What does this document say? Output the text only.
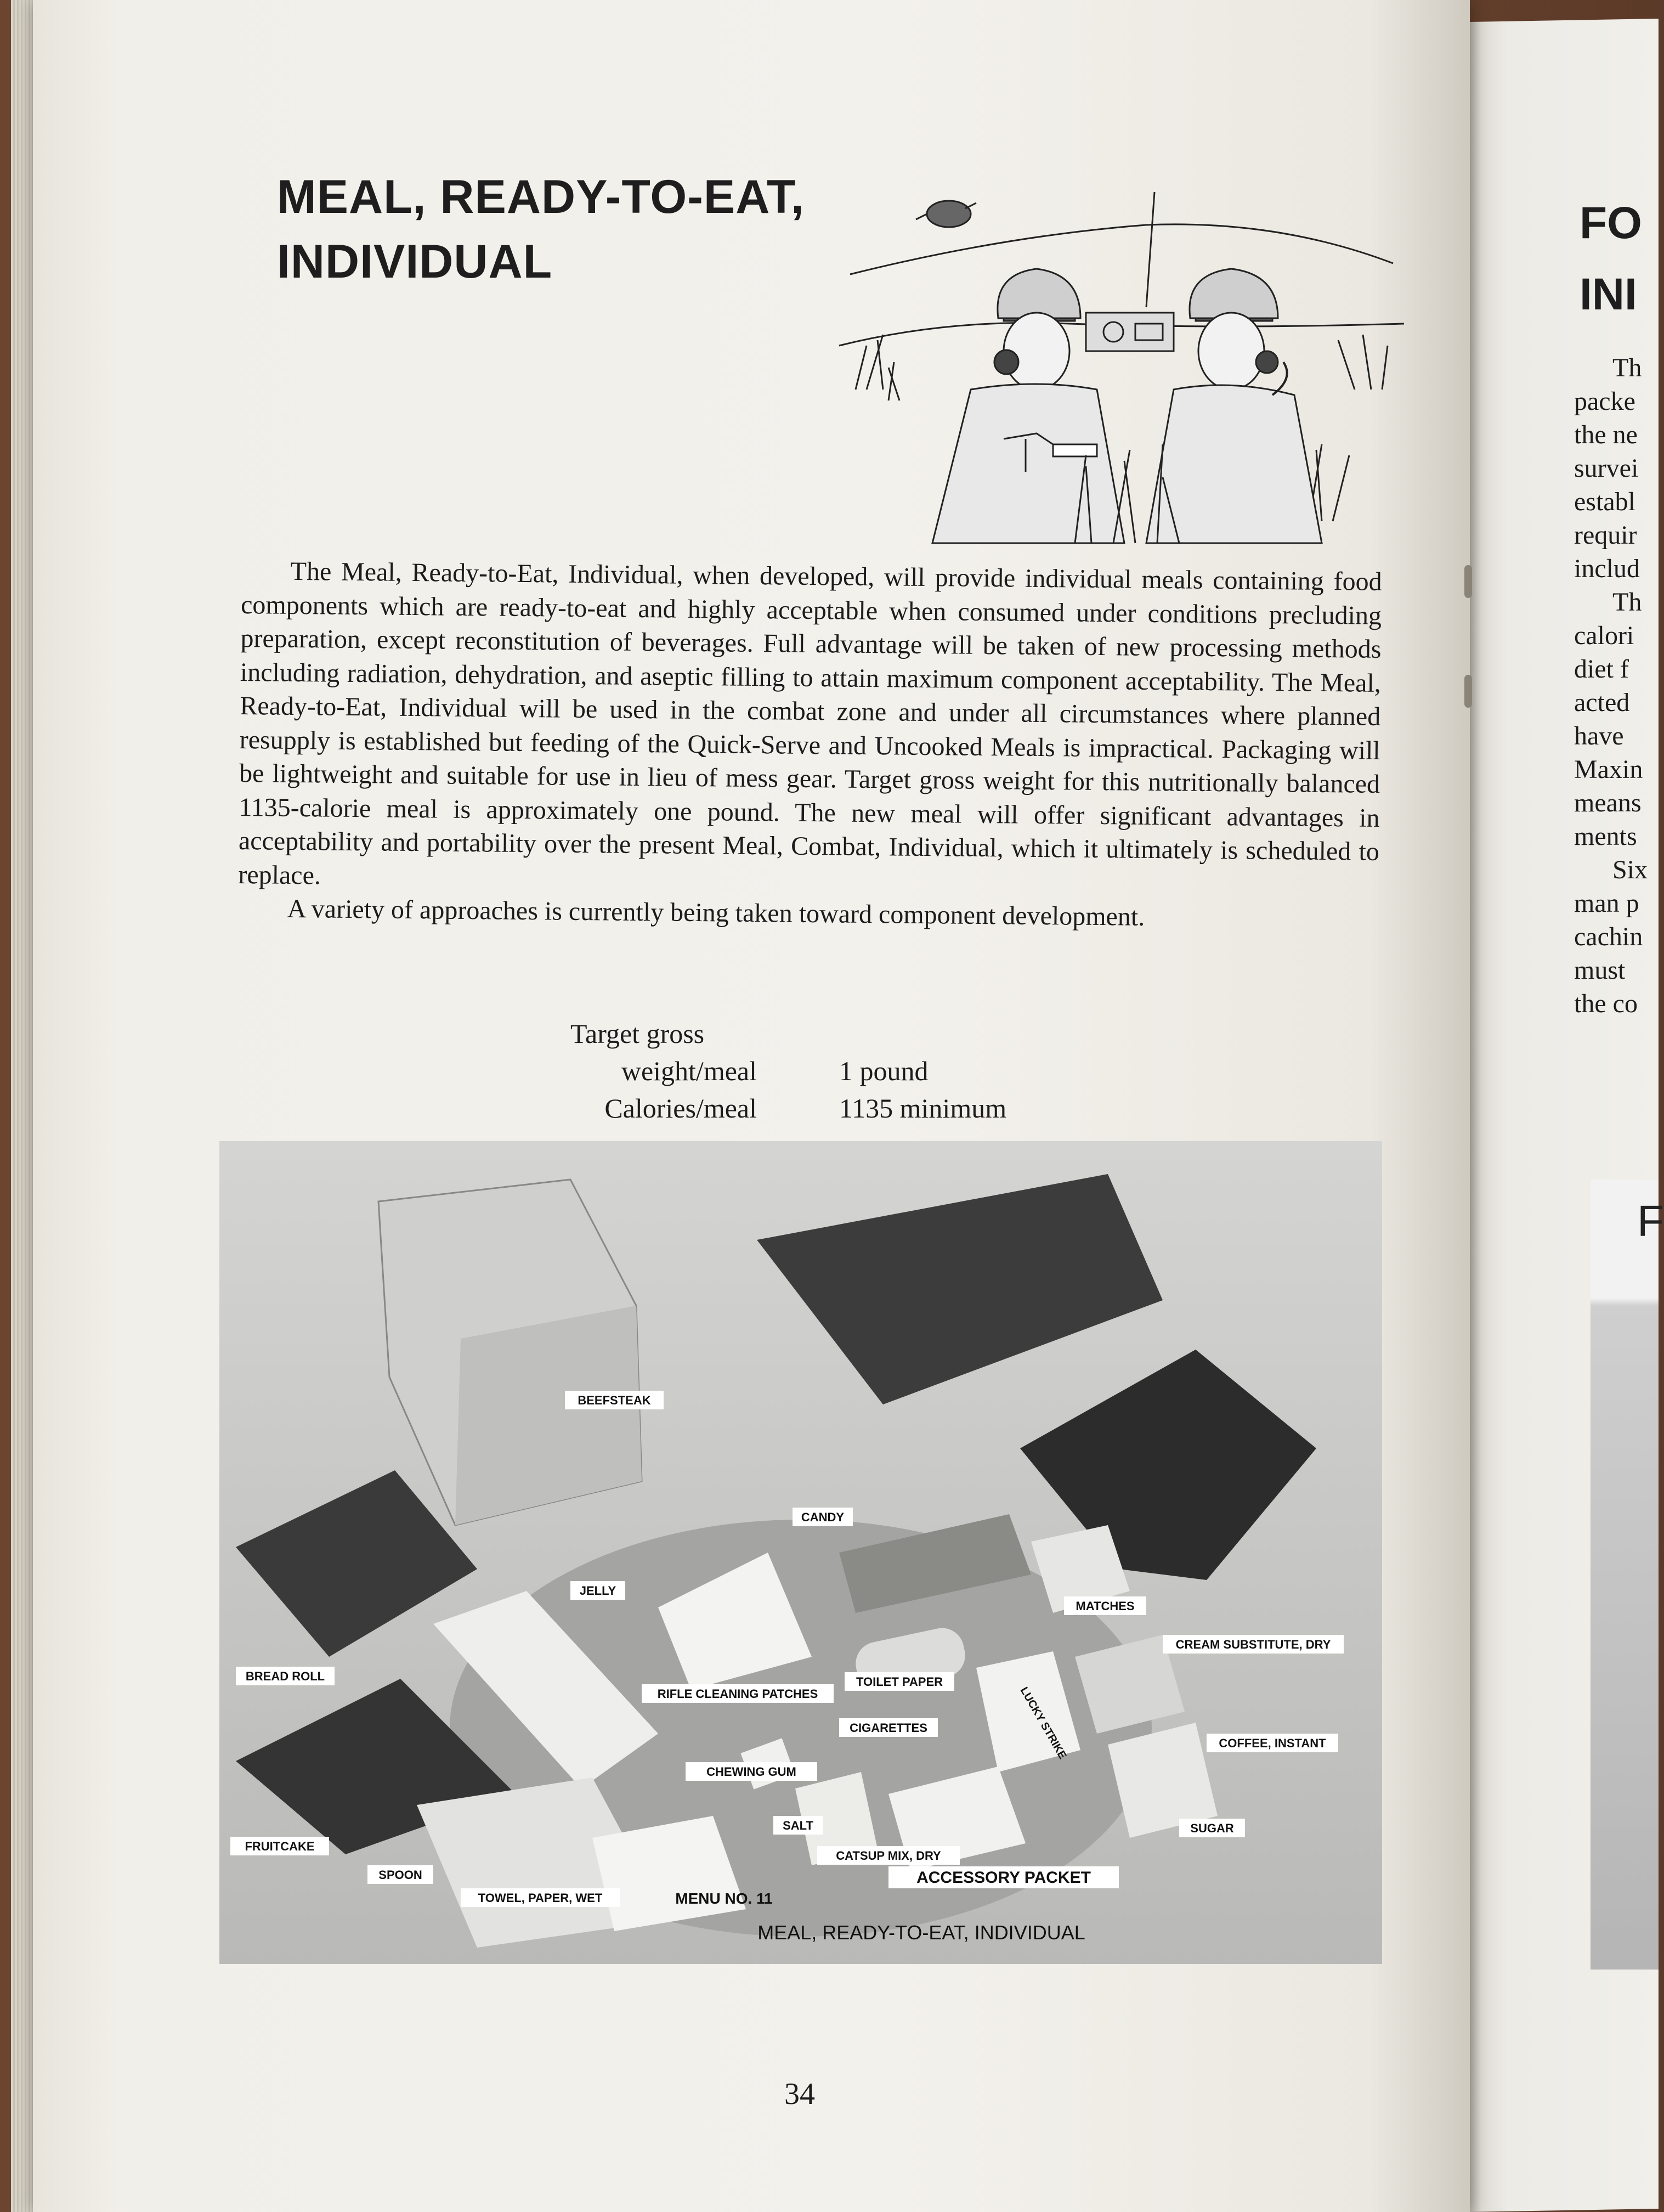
FO
INI
Th
packe
the ne
survei
establ
requir
includ
Th
calori
diet f
acted
have
Maxin
means
ments
Six
man p
cachin
must
the co
F
MEAL, READY-TO-EAT,
INDIVIDUAL

The Meal, Ready-to-Eat, Individual, when developed, will provide individual meals containing food components which are ready-to-eat and highly acceptable when consumed under conditions precluding preparation, except reconstitution of beverages. Full advantage will be taken of new processing methods including radiation, dehydration, and aseptic filling to attain maximum component acceptability. The Meal, Ready-to-Eat, Individual will be used in the combat zone and under all circumstances where planned resupply is established but feeding of the Quick-Serve and Uncooked Meals is impractical. Packaging will be lightweight and suitable for use in lieu of mess gear. Target gross weight for this nutritionally balanced 1135-calorie meal is approximately one pound. The new meal will offer significant advantages in acceptability and portability over the present Meal, Combat, Individual, which it ultimately is scheduled to replace.

A variety of approaches is currently being taken toward component development.

Target gross
weight/meal	1 pound
Calories/meal	1135 minimum
BEEFSTEAK
CANDY
MATCHES
JELLY
CREAM SUBSTITUTE, DRY
BREAD ROLL	TOILET PAPER
RIFLE CLEANING PATCHES
CIGARETTES
COFFEE, INSTANT
CHEWING GUM
SALT	SUGAR
FRUITCAKE
CATSUP MIX, DRY
SPOON	ACCESSORY PACKET
TOWEL, PAPER, WET	MENU NO. 11
LUCKY STRIKE
MEAL, READY-TO-EAT, INDIVIDUAL
34
